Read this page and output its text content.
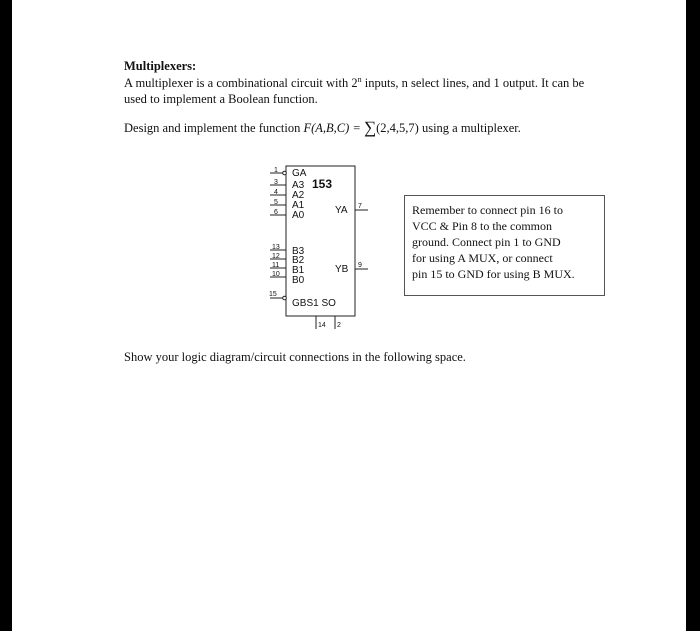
Multiplexers:
A multiplexer is a combinational circuit with 2$^n$ inputs, n select lines, and 1 output. It can be
used to implement a Boolean function.
Design and implement the function F(A,B,C) = ∑(2,4,5,7) using a multiplexer.
1
3
4
5
6
GA
A3
A2
A1
A0
153
YA 7
13
12
11
10
B3
B2
B1
B0
YB 9
15
GBS1 SO
14 2
Remember to connect pin 16 to
VCC & Pin 8 to the common
ground. Connect pin 1 to GND
for using A MUX, or connect
pin 15 to GND for using B MUX.
Show your logic diagram/circuit connections in the following space.
